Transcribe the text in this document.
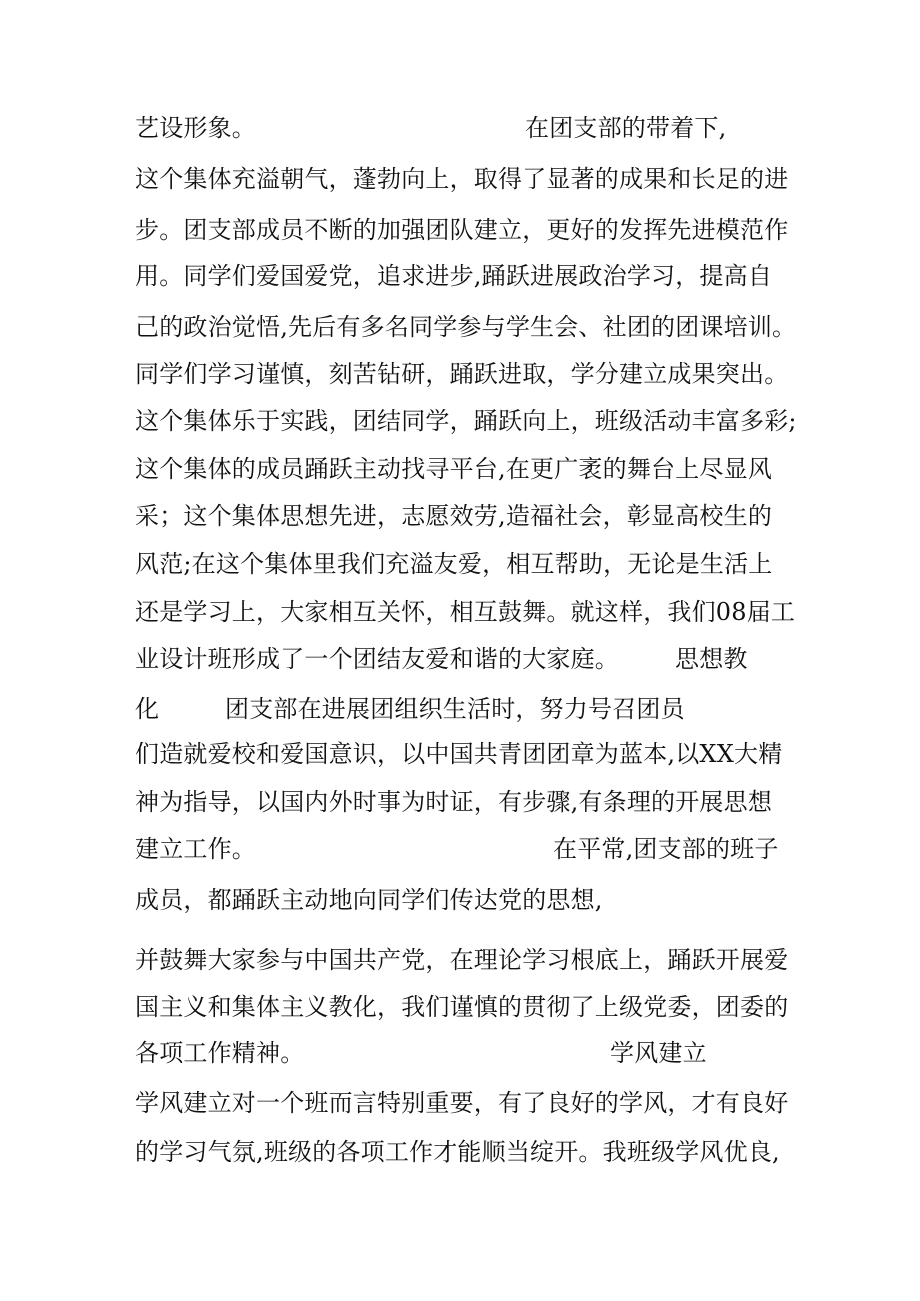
艺设形象。	在团支部的带着下,
这个集体充溢朝气，蓬勃向上，取得了显著的成果和长足的进
步。团支部成员不断的加强团队建立，更好的发挥先进模范作
用。同学们爱国爱党，追求进步,踊跃进展政治学习，提高自
己的政治觉悟,先后有多名同学参与学生会、社团的团课培训。
同学们学习谨慎，刻苦钻研，踊跃进取，学分建立成果突出。
这个集体乐于实践，团结同学，踊跃向上，班级活动丰富多彩;
这个集体的成员踊跃主动找寻平台,在更广袤的舞台上尽显风
采；这个集体思想先进，志愿效劳,造福社会，彰显高校生的
风范;在这个集体里我们充溢友爱，相互帮助，无论是生活上
还是学习上，大家相互关怀，相互鼓舞。就这样，我们08届工
业设计班形成了一个团结友爱和谐的大家庭。 思想教
化	团支部在进展团组织生活时，努力号召团员
们造就爱校和爱国意识，以中国共青团团章为蓝本,以XX大精
神为指导，以国内外时事为时证，有步骤,有条理的开展思想
建立工作。	在平常,团支部的班子
成员，都踊跃主动地向同学们传达党的思想,
并鼓舞大家参与中国共产党，在理论学习根底上，踊跃开展爱
国主义和集体主义教化，我们谨慎的贯彻了上级党委，团委的
各项工作精神。	学风建立
学风建立对一个班而言特别重要，有了良好的学风，才有良好
的学习气氛,班级的各项工作才能顺当绽开。我班级学风优良,
